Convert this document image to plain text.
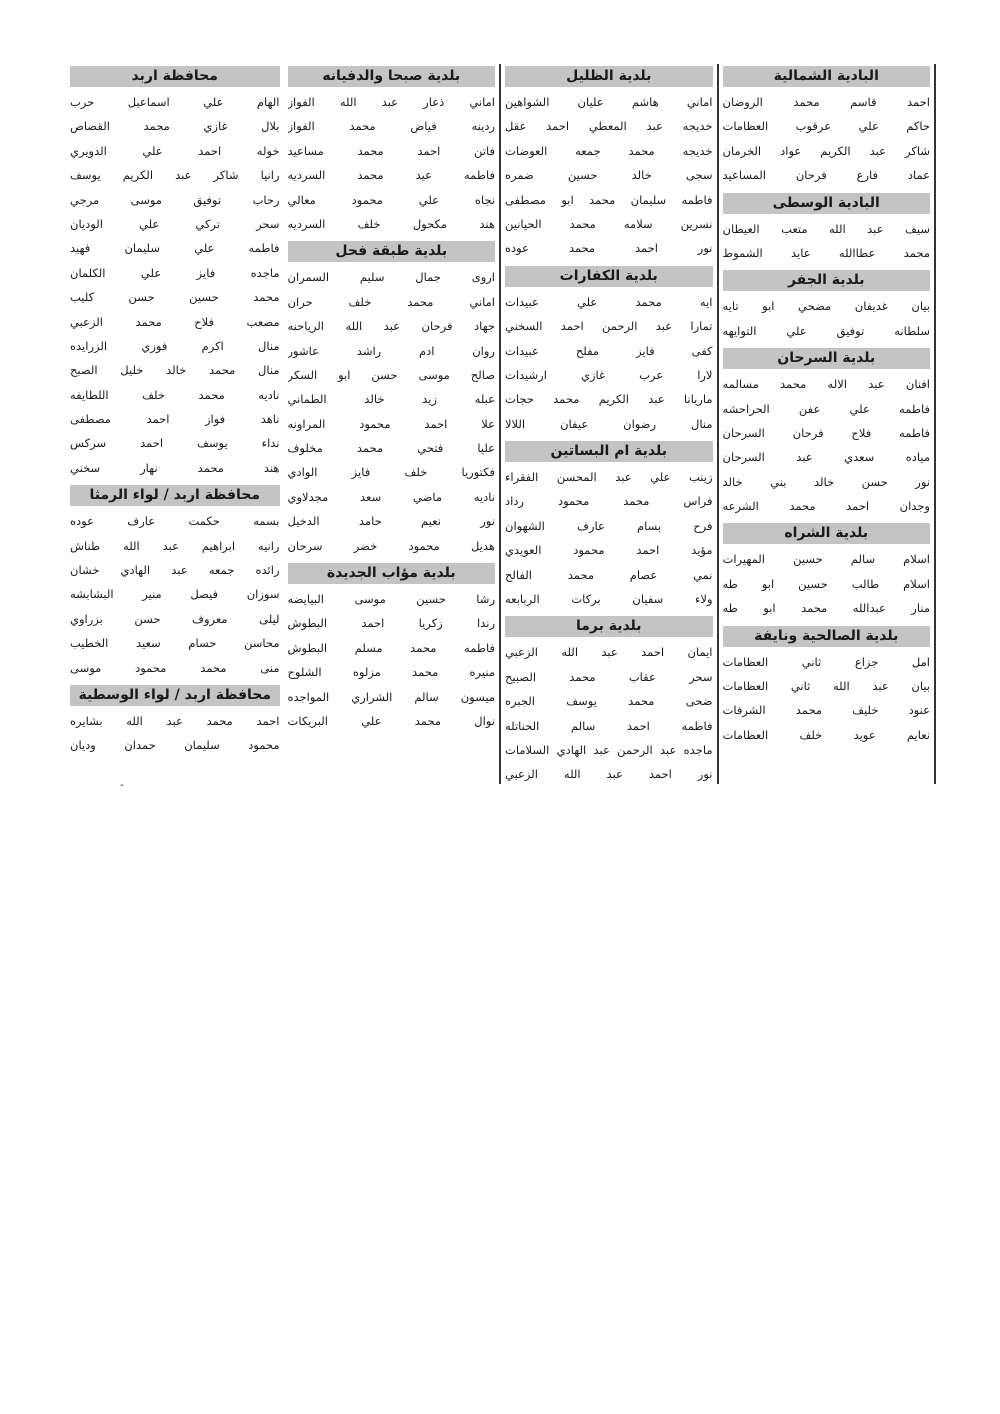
البادية الشمالية
احمد قاسم محمد الروضان
حاكم علي عرقوب العظامات
شاكر عبد الكريم عواد الخرمان
عماد فارع فرحان المساعيد
البادية الوسطى
سيف عبد الله متعب العيطان
محمد عطاالله عايد الشموط
بلدية الجفر
بيان غديفان مضحي ابو تايه
سلطانه توفيق علي التوايهه
بلدية السرحان
افنان عبد الاله محمد مسالمه
فاطمه علي عفن الحراحشه
فاطمه فلاح فرحان السرحان
مياده سعدي عبد السرحان
نور حسن خالد بني خالد
وجدان احمد محمد الشرعه
بلدية الشراه
اسلام سالم حسين المهيرات
اسلام طالب حسين ابو طه
منار عبدالله محمد ابو طه
بلدية الصالحية ونايفة
امل جزاع ثاني العظامات
بيان عبد الله ثاني العظامات
عنود خليف محمد الشرفات
نعايم عويد خلف العظامات
بلدية الظليل
اماني هاشم عليان الشواهين
خديجه عبد المعطي احمد عقل
خديجه محمد جمعه العوضات
سجى خالد حسين ضمره
فاطمه سليمان محمد ابو مصطفى
نسرين سلامه محمد الحيانين
نور احمد محمد عوده
بلدية الكفارات
ايه محمد علي عبيدات
تمارا عبد الرحمن احمد السخني
كفى فايز مفلح عبيدات
لارا عرب غازي ارشيدات
ماريانا عبد الكريم محمد حجات
منال رضوان عيفان اللالا
بلدية ام البساتين
زينب علي عبد المحسن الفقراء
فراس محمد محمود رداد
فرح بسام عارف الشهوان
مؤيد احمد محمود العويدي
نمي عصام محمد الفالح
ولاء سفيان بركات الربابعه
بلدية برما
ايمان احمد عبد الله الزعبي
سحر عقاب محمد الصبيح
ضحى محمد يوسف الجبره
فاطمه احمد سالم الحناتله
ماجده عبد الرحمن عبد الهادي السلامات
نور احمد عبد الله الزعبي
بلدية صبحا والدفيانه
اماني ذعار عبد الله الفواز
ردينه فياض محمد الفواز
فاتن احمد محمد مساعيد
فاطمه عيد محمد السرديه
نجاه علي محمود معالي
هند مكحول خلف السرديه
بلدية طبقة فحل
اروى جمال سليم السمران
اماني محمد خلف حران
جهاد فرحان عبد الله الرياحنه
روان ادم راشد عاشور
صالح موسى حسن ابو السكر
عبله زيد خالد الطماني
علا احمد محمود المراونه
عليا فتحي محمد مخلوف
فكتوريا خلف فايز الوادي
ناديه ماضي سعد مجدلاوي
نور نعيم حامد الدخيل
هديل محمود خضر سرحان
بلدية مؤاب الجديدة
رشا حسين موسى البيايضه
رندا زكريا احمد البطوش
فاطمه محمد مسلم البطوش
منيره محمد مزلوه الشلوح
ميسون سالم الشراري المواجده
نوال محمد علي البريكات
محافظة اربد
الهام علي اسماعيل حرب
بلال غازي محمد القصاص
خوله احمد علي الدويري
رانيا شاكر عبد الكريم يوسف
رحاب توفيق موسى مرجي
سحر تركي علي الوديان
فاطمه علي سليمان فهيد
ماجده فايز علي الكلمان
محمد حسين حسن كليب
مصعب فلاح محمد الزعبي
منال اكرم فوزي الزرايده
منال محمد خالد خليل الصبح
ناديه محمد خلف اللطايفه
ناهد فواز احمد مصطفى
نداء يوسف احمد سركس
هند محمد نهار سخني
محافظة اربد / لواء الرمثا
بسمه حكمت عارف عوده
رانيه ابراهيم عبد الله طناش
رائده جمعه عبد الهادي خشان
سوزان فيصل منير البشابشه
ليلى معروف حسن بزراوي
محاسن حسام سعيد الخطيب
منى محمد محمود موسى
محافظة اربد / لواء الوسطية
احمد محمد عبد الله بشايره
محمود سليمان حمدان وديان
-
